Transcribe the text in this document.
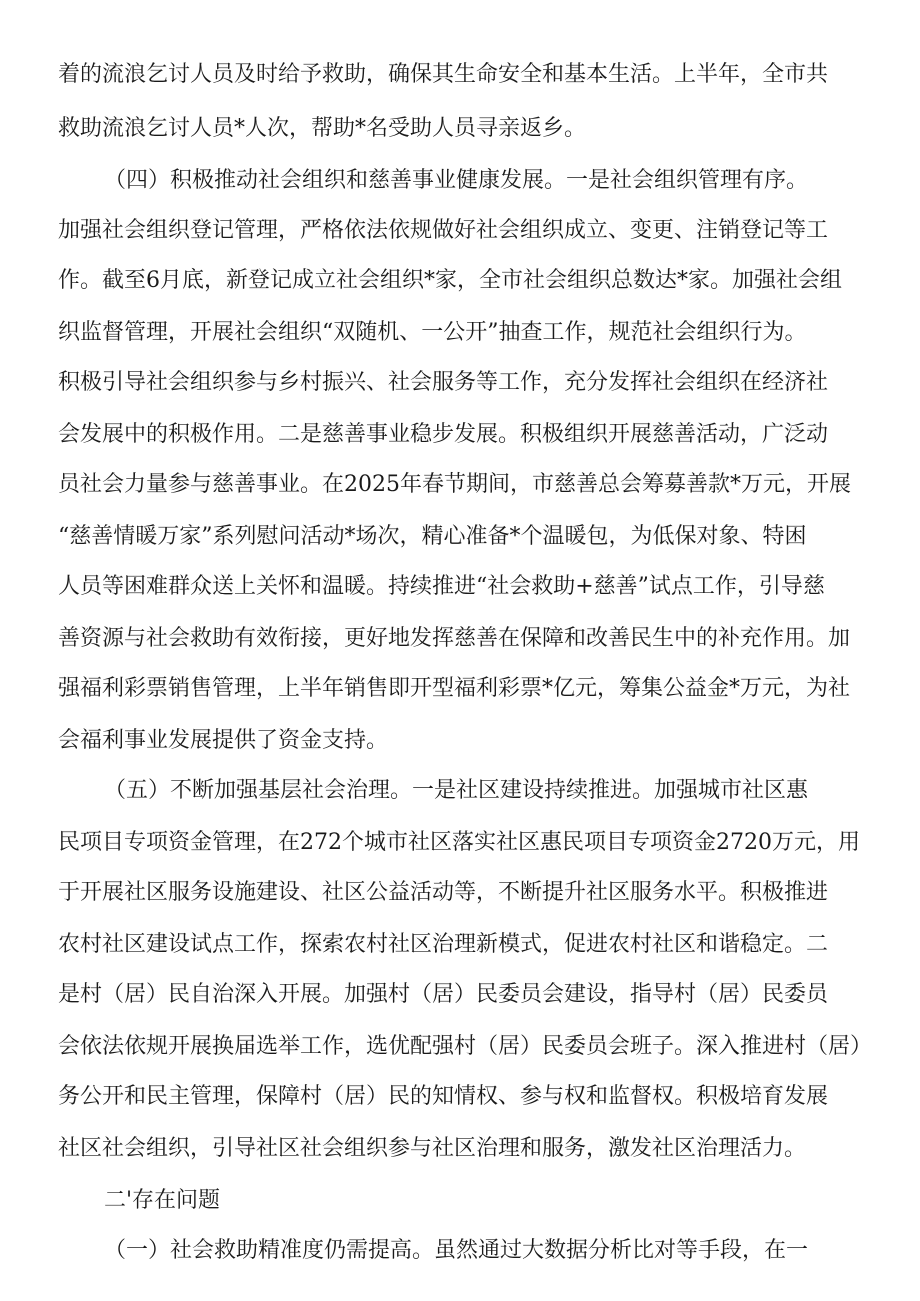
着的流浪乞讨人员及时给予救助，确保其生命安全和基本生活。上半年，全市共
救助流浪乞讨人员*人次，帮助*名受助人员寻亲返乡。
（四）积极推动社会组织和慈善事业健康发展。一是社会组织管理有序。
加强社会组织登记管理，严格依法依规做好社会组织成立、变更、注销登记等工
作。截至6月底，新登记成立社会组织*家，全市社会组织总数达*家。加强社会组
织监督管理，开展社会组织“双随机、一公开”抽查工作，规范社会组织行为。
积极引导社会组织参与乡村振兴、社会服务等工作，充分发挥社会组织在经济社
会发展中的积极作用。二是慈善事业稳步发展。积极组织开展慈善活动，广泛动
员社会力量参与慈善事业。在2025年春节期间，市慈善总会筹募善款*万元，开展
“慈善情暖万家”系列慰问活动*场次，精心准备*个温暖包，为低保对象、特困
人员等困难群众送上关怀和温暖。持续推进“社会救助+慈善”试点工作，引导慈
善资源与社会救助有效衔接，更好地发挥慈善在保障和改善民生中的补充作用。加
强福利彩票销售管理，上半年销售即开型福利彩票*亿元，筹集公益金*万元，为社
会福利事业发展提供了资金支持。
（五）不断加强基层社会治理。一是社区建设持续推进。加强城市社区惠
民项目专项资金管理，在272个城市社区落实社区惠民项目专项资金2720万元，用
于开展社区服务设施建设、社区公益活动等，不断提升社区服务水平。积极推进
农村社区建设试点工作，探索农村社区治理新模式，促进农村社区和谐稳定。二
是村（居）民自治深入开展。加强村（居）民委员会建设，指导村（居）民委员
会依法依规开展换届选举工作，选优配强村（居）民委员会班子。深入推进村（居）
务公开和民主管理，保障村（居）民的知情权、参与权和监督权。积极培育发展
社区社会组织，引导社区社会组织参与社区治理和服务，激发社区治理活力。
二'存在问题
（一）社会救助精准度仍需提高。虽然通过大数据分析比对等手段，在一
